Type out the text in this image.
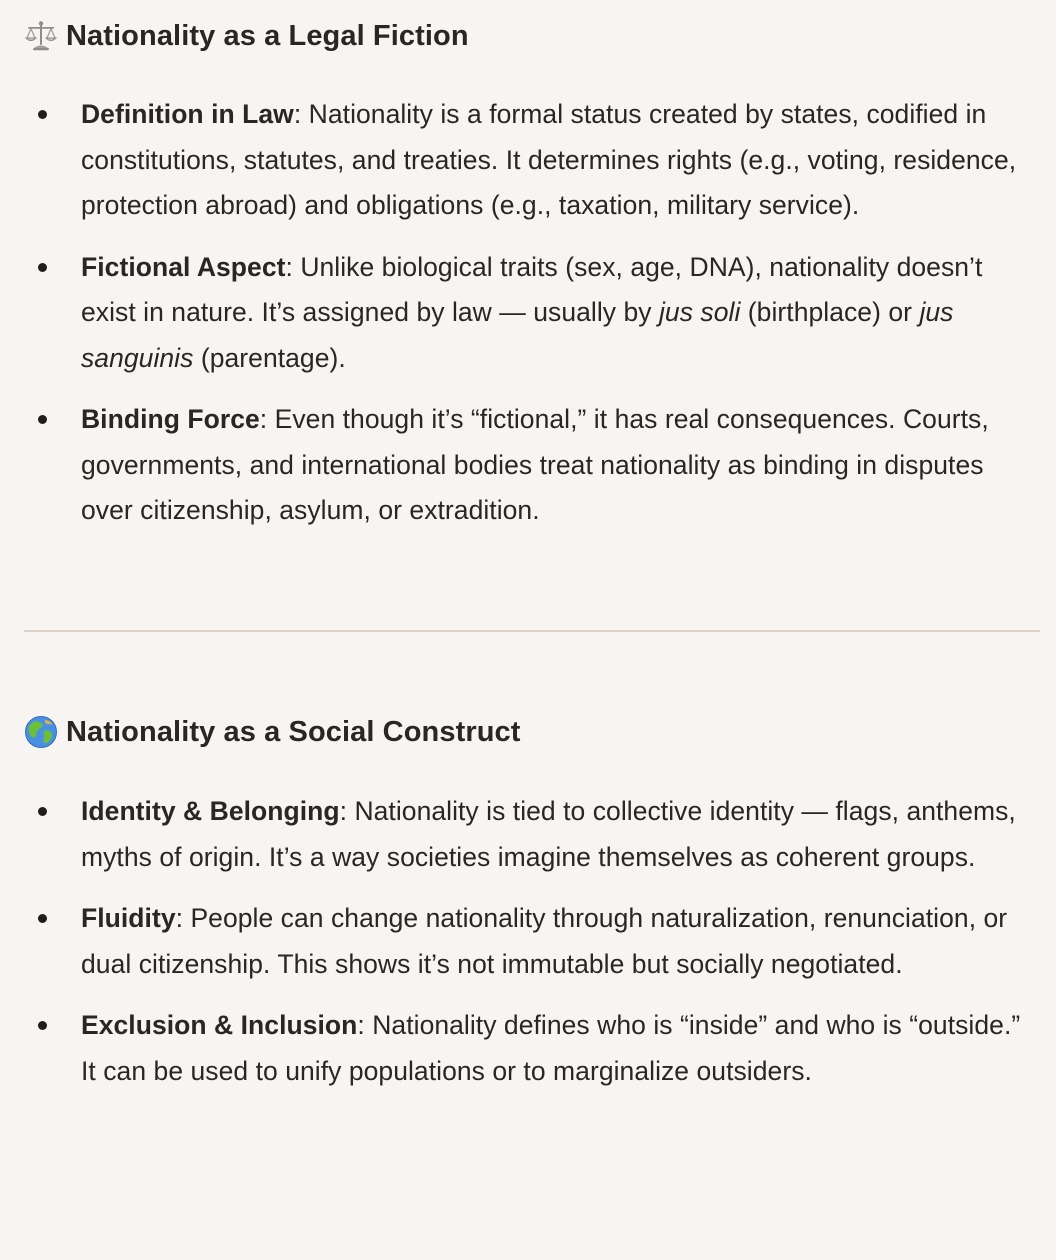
Nationality as a Legal Fiction
Definition in Law: Nationality is a formal status created by states, codified in constitutions, statutes, and treaties. It determines rights (e.g., voting, residence, protection abroad) and obligations (e.g., taxation, military service).
Fictional Aspect: Unlike biological traits (sex, age, DNA), nationality doesn’t exist in nature. It’s assigned by law — usually by jus soli (birthplace) or jus sanguinis (parentage).
Binding Force: Even though it’s “fictional,” it has real consequences. Courts, governments, and international bodies treat nationality as binding in disputes over citizenship, asylum, or extradition.
Nationality as a Social Construct
Identity & Belonging: Nationality is tied to collective identity — flags, anthems, myths of origin. It’s a way societies imagine themselves as coherent groups.
Fluidity: People can change nationality through naturalization, renunciation, or dual citizenship. This shows it’s not immutable but socially negotiated.
Exclusion & Inclusion: Nationality defines who is “inside” and who is “outside.” It can be used to unify populations or to marginalize outsiders.
